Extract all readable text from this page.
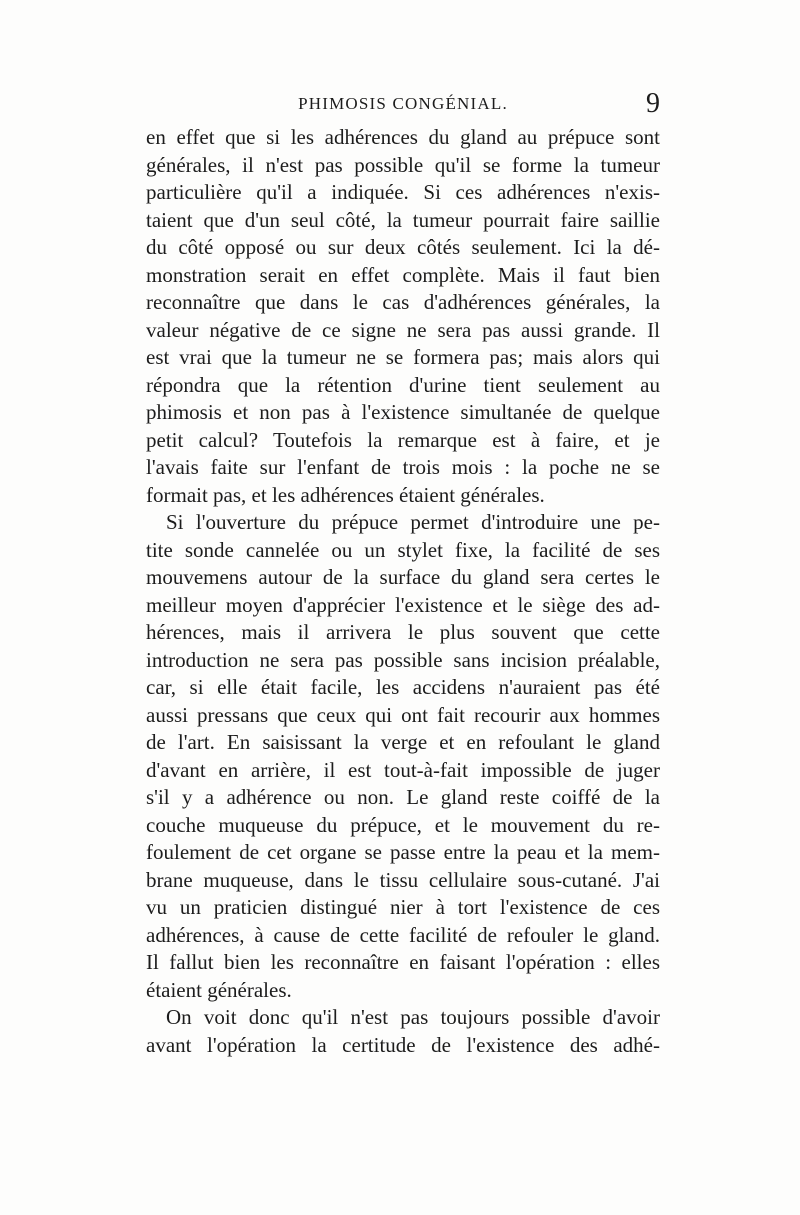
PHIMOSIS CONGÉNIAL.	9
en effet que si les adhérences du gland au prépuce sont
générales, il n'est pas possible qu'il se forme la tumeur
particulière qu'il a indiquée. Si ces adhérences n'exis-
taient que d'un seul côté, la tumeur pourrait faire saillie
du côté opposé ou sur deux côtés seulement. Ici la dé-
monstration serait en effet complète. Mais il faut bien
reconnaître que dans le cas d'adhérences générales, la
valeur négative de ce signe ne sera pas aussi grande. Il
est vrai que la tumeur ne se formera pas; mais alors qui
répondra que la rétention d'urine tient seulement au
phimosis et non pas à l'existence simultanée de quelque
petit calcul? Toutefois la remarque est à faire, et je
l'avais faite sur l'enfant de trois mois : la poche ne se
formait pas, et les adhérences étaient générales.
Si l'ouverture du prépuce permet d'introduire une pe-
tite sonde cannelée ou un stylet fixe, la facilité de ses
mouvemens autour de la surface du gland sera certes le
meilleur moyen d'apprécier l'existence et le siège des ad-
hérences, mais il arrivera le plus souvent que cette
introduction ne sera pas possible sans incision préalable,
car, si elle était facile, les accidens n'auraient pas été
aussi pressans que ceux qui ont fait recourir aux hommes
de l'art. En saisissant la verge et en refoulant le gland
d'avant en arrière, il est tout-à-fait impossible de juger
s'il y a adhérence ou non. Le gland reste coiffé de la
couche muqueuse du prépuce, et le mouvement du re-
foulement de cet organe se passe entre la peau et la mem-
brane muqueuse, dans le tissu cellulaire sous-cutané. J'ai
vu un praticien distingué nier à tort l'existence de ces
adhérences, à cause de cette facilité de refouler le gland.
Il fallut bien les reconnaître en faisant l'opération : elles
étaient générales.
On voit donc qu'il n'est pas toujours possible d'avoir
avant l'opération la certitude de l'existence des adhé-
